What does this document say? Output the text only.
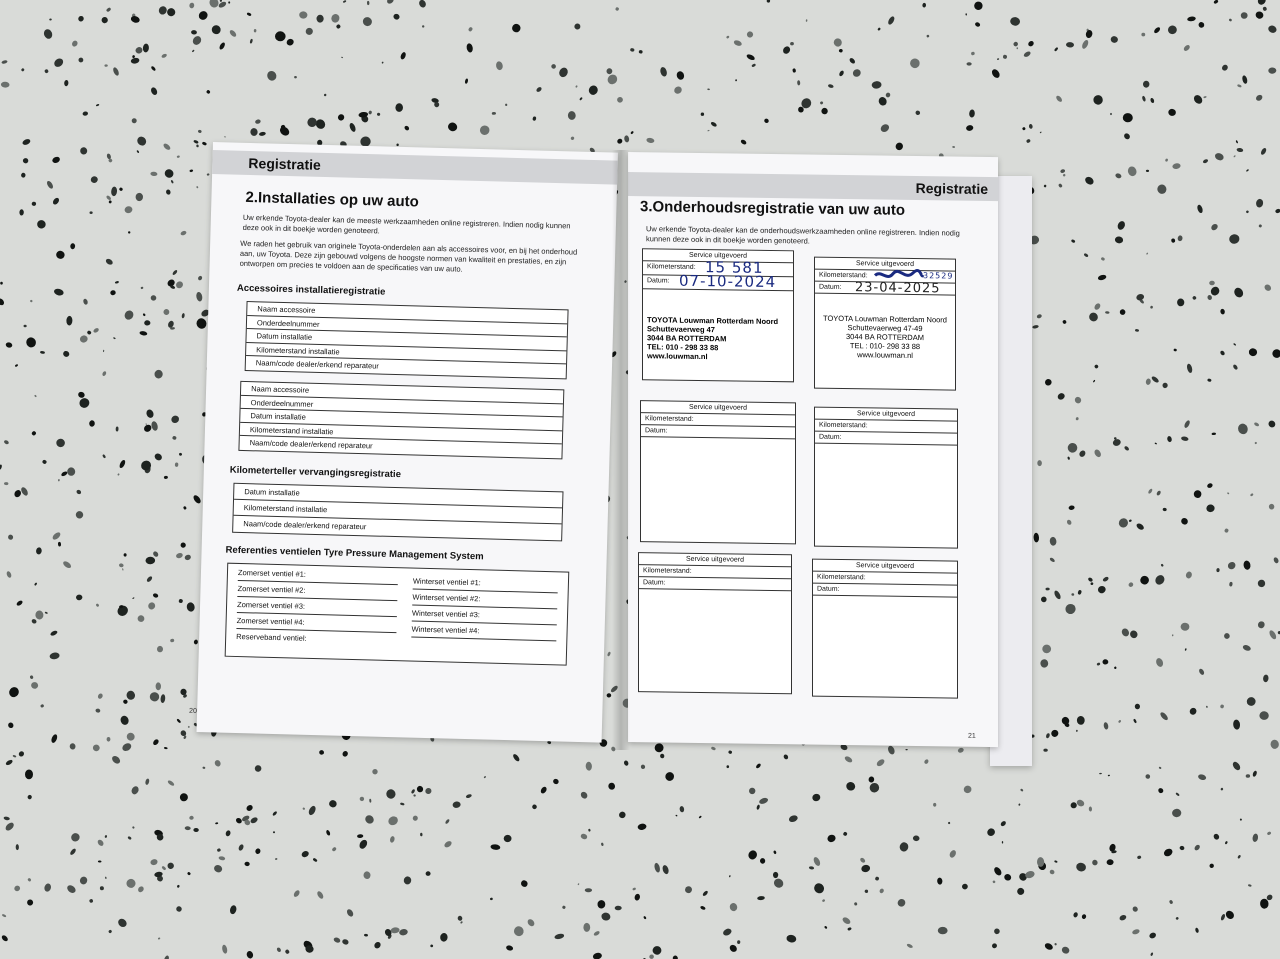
Registratie
2.Installaties op uw auto

Uw erkende Toyota-dealer kan de meeste werkzaamheden online registreren. Indien nodig kunnen deze ook in dit boekje worden genoteerd.

We raden het gebruik van originele Toyota-onderdelen aan als accessoires voor, en bij het onderhoud aan, uw Toyota. Deze zijn gebouwd volgens de hoogste normen van kwaliteit en prestaties, en zijn ontworpen om precies te voldoen aan de specificaties van uw auto.

Accessoires installatieregistratie
Naam accessoire
Onderdeelnummer
Datum installatie
Kilometerstand installatie
Naam/code dealer/erkend reparateur
Naam accessoire
Onderdeelnummer
Datum installatie
Kilometerstand installatie
Naam/code dealer/erkend reparateur
Kilometerteller vervangingsregistratie
Datum installatie
Kilometerstand installatie
Naam/code dealer/erkend reparateur
Referenties ventielen Tyre Pressure Management System
Zomerset ventiel #1:
Zomerset ventiel #2:
Zomerset ventiel #3:
Zomerset ventiel #4:
Reserveband ventiel:
Winterset ventiel #1:
Winterset ventiel #2:
Winterset ventiel #3:
Winterset ventiel #4:
20
Registratie
3.Onderhoudsregistratie van uw auto

Uw erkende Toyota-dealer kan de onderhoudswerkzaamheden online registreren. Indien nodig kunnen deze ook in dit boekje worden genoteerd.

Service uitgevoerd
Kilometerstand:
Datum:
15 581
07-10-2024
TOYOTA Louwman Rotterdam Noord
Schuttevaerweg 47
3044 BA ROTTERDAM
TEL: 010 - 298 33 88
www.louwman.nl
Service uitgevoerd
Kilometerstand:
Datum:
32529
23-04-2025
TOYOTA Louwman Rotterdam Noord
Schuttevaerweg 47-49
3044 BA ROTTERDAM
TEL : 010- 298 33 88
www.louwman.nl
Service uitgevoerd
Kilometerstand:
Datum:
Service uitgevoerd
Kilometerstand:
Datum:
Service uitgevoerd
Kilometerstand:
Datum:
Service uitgevoerd
Kilometerstand:
Datum:
21
